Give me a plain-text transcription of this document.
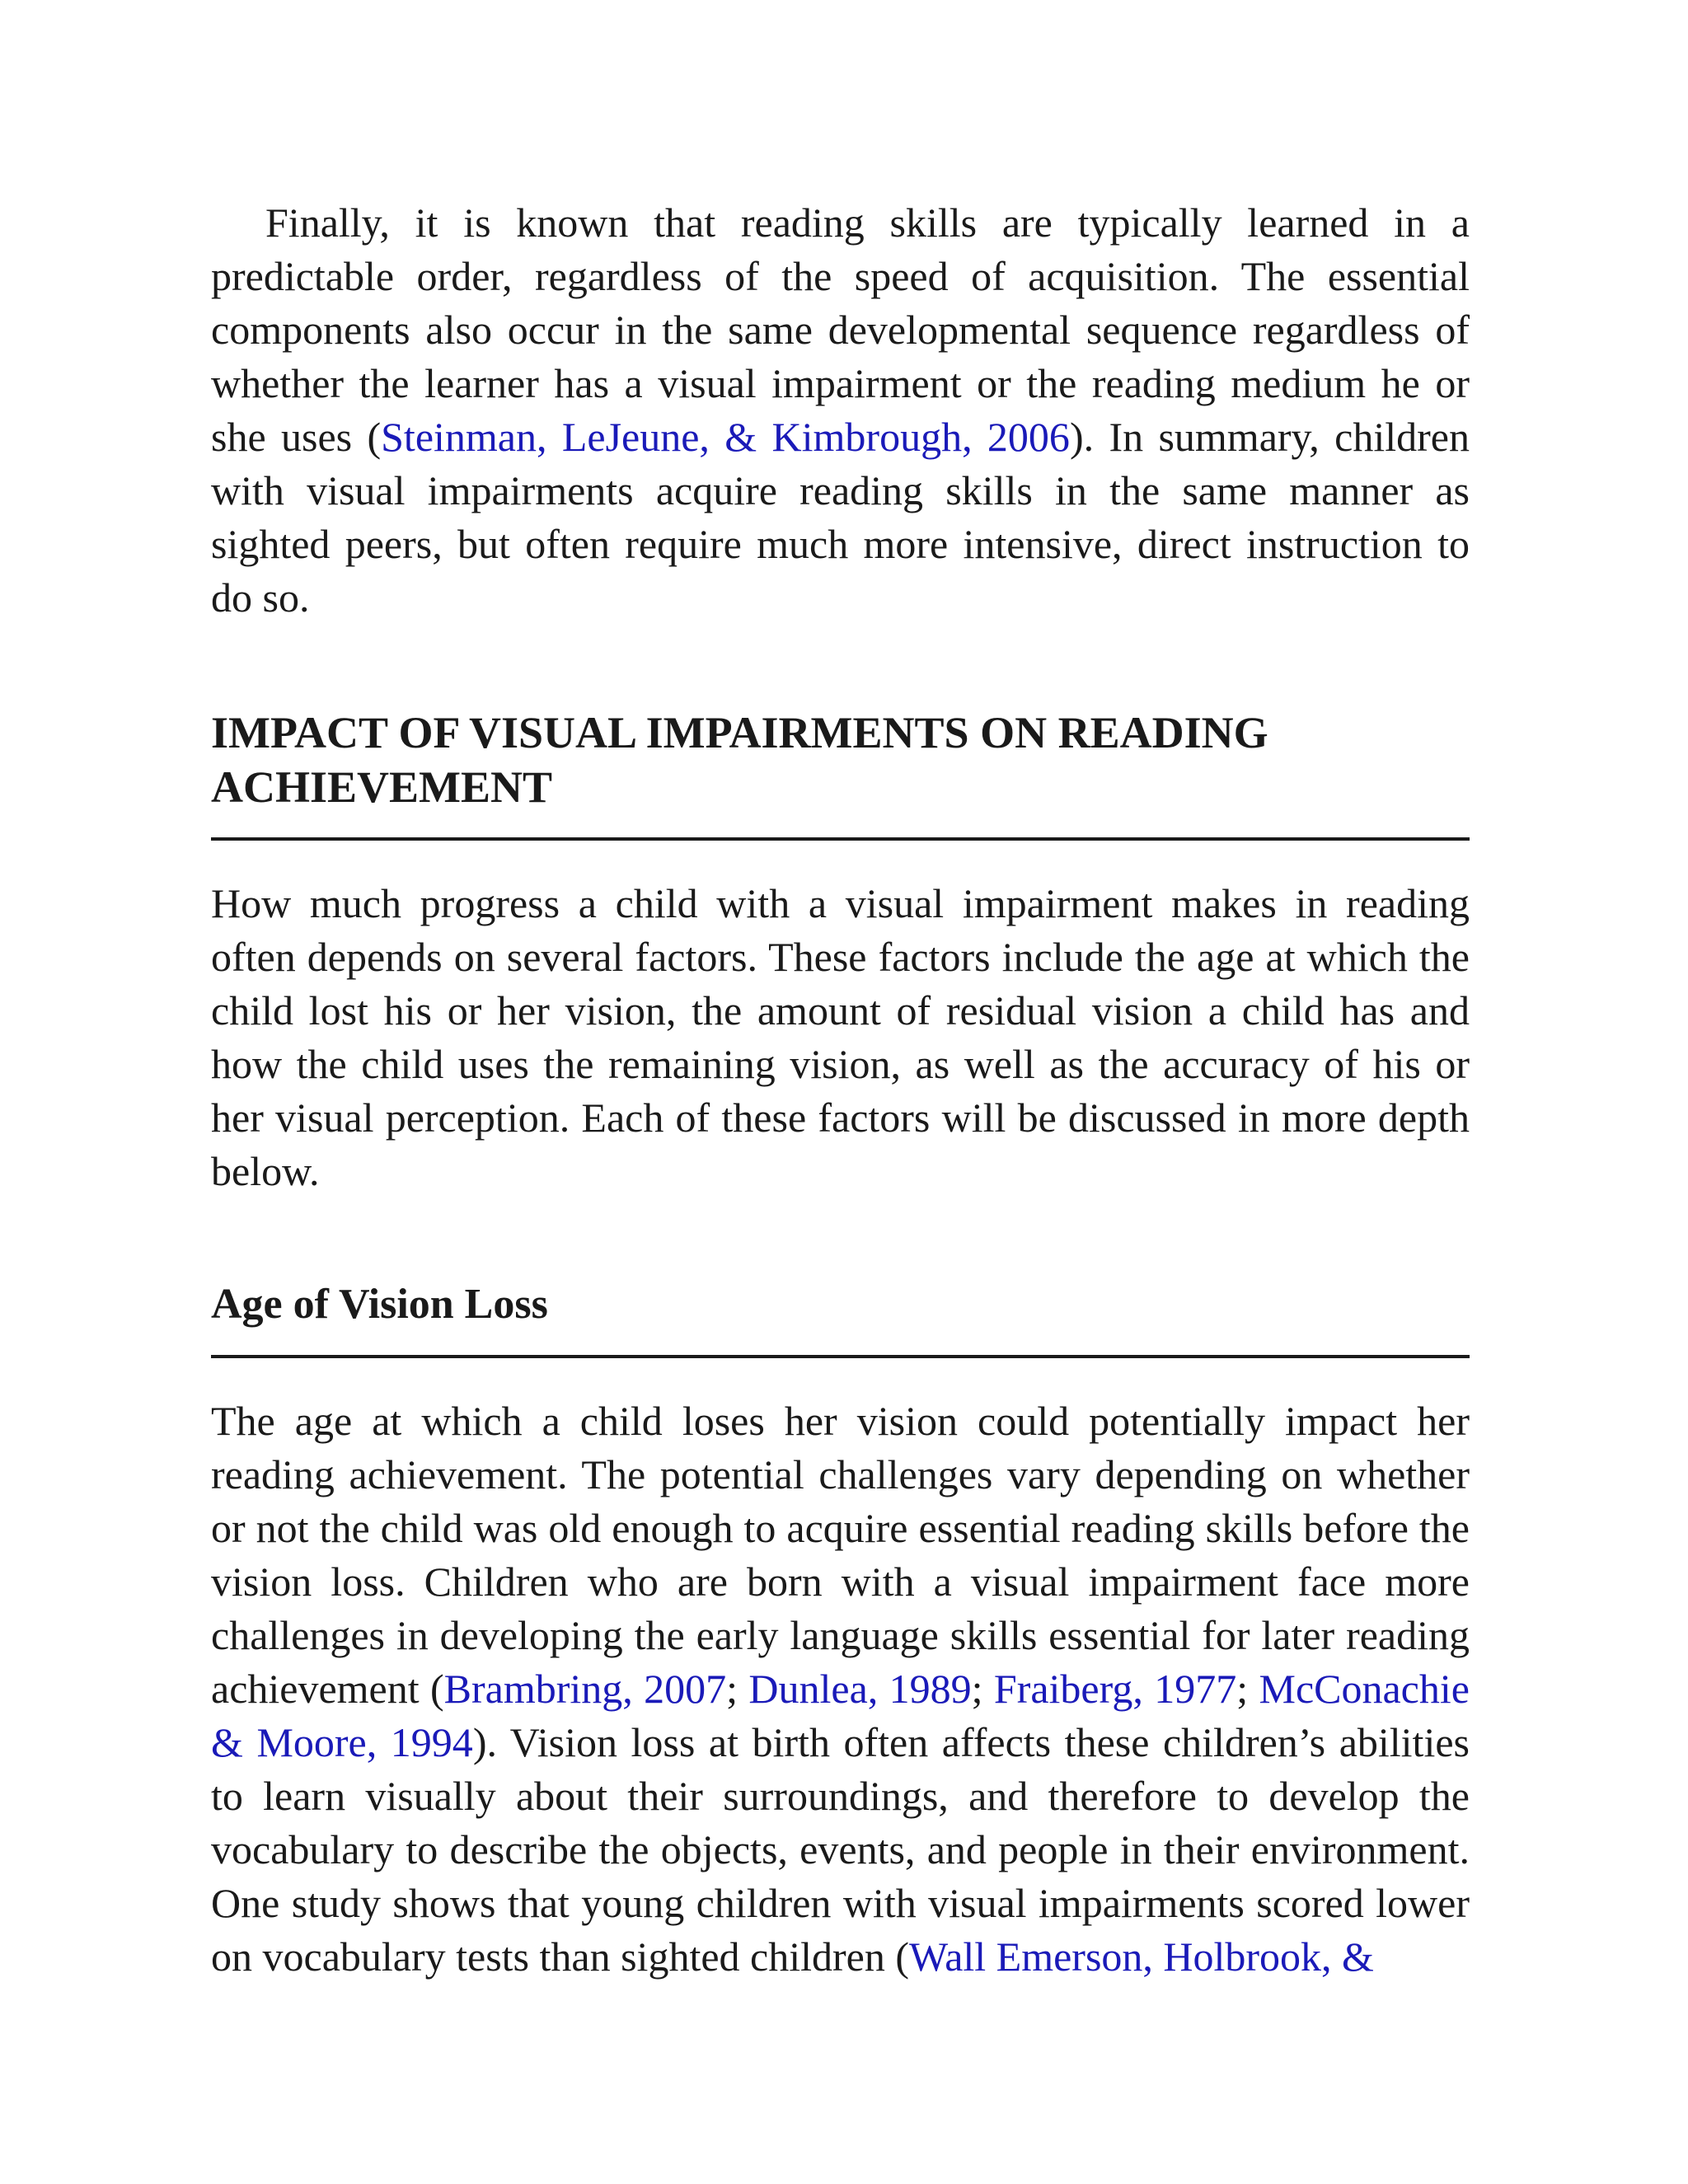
Finally, it is known that reading skills are typically learned in a predictable order, regardless of the speed of acquisition. The essential components also occur in the same developmental sequence regardless of whether the learner has a visual impairment or the reading medium he or she uses (Steinman, LeJeune, & Kimbrough, 2006). In summary, children with visual impairments acquire reading skills in the same manner as sighted peers, but often require much more intensive, direct instruction to do so.

IMPACT OF VISUAL IMPAIRMENTS ON READING ACHIEVEMENT

How much progress a child with a visual impairment makes in reading often depends on several factors. These factors include the age at which the child lost his or her vision, the amount of residual vision a child has and how the child uses the remaining vision, as well as the accuracy of his or her visual perception. Each of these factors will be discussed in more depth below.

Age of Vision Loss

The age at which a child loses her vision could potentially impact her reading achievement. The potential challenges vary depending on whether or not the child was old enough to acquire essential reading skills before the vision loss. Children who are born with a visual impairment face more challenges in developing the early language skills essential for later reading achievement (Brambring, 2007; Dunlea, 1989; Fraiberg, 1977; McConachie & Moore, 1994). Vision loss at birth often affects these children’s abilities to learn visually about their surroundings, and therefore to develop the vocabulary to describe the objects, events, and people in their environment. One study shows that young children with visual impairments scored lower on vocabulary tests than sighted children (Wall Emerson, Holbrook, &
